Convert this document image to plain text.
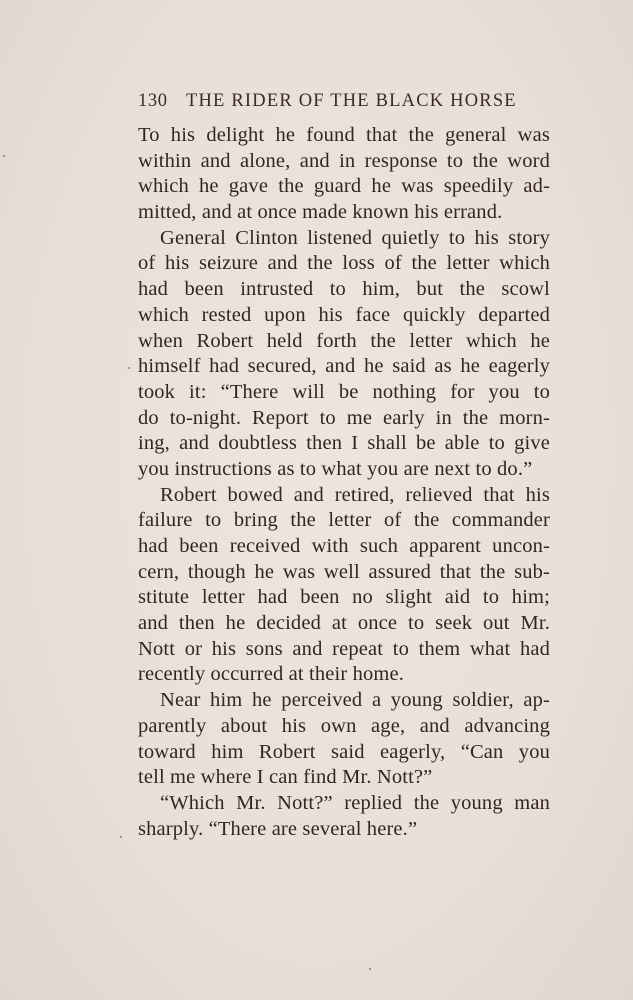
130 THE RIDER OF THE BLACK HORSE
To his delight he found that the general was
within and alone, and in response to the word
which he gave the guard he was speedily ad-
mitted, and at once made known his errand.
General Clinton listened quietly to his story
of his seizure and the loss of the letter which
had been intrusted to him, but the scowl
which rested upon his face quickly departed
when Robert held forth the letter which he
himself had secured, and he said as he eagerly
took it: “There will be nothing for you to
do to-night. Report to me early in the morn-
ing, and doubtless then I shall be able to give
you instructions as to what you are next to do.”
Robert bowed and retired, relieved that his
failure to bring the letter of the commander
had been received with such apparent uncon-
cern, though he was well assured that the sub-
stitute letter had been no slight aid to him;
and then he decided at once to seek out Mr.
Nott or his sons and repeat to them what had
recently occurred at their home.
Near him he perceived a young soldier, ap-
parently about his own age, and advancing
toward him Robert said eagerly, “Can you
tell me where I can find Mr. Nott?”
“Which Mr. Nott?” replied the young man
sharply. “There are several here.”
